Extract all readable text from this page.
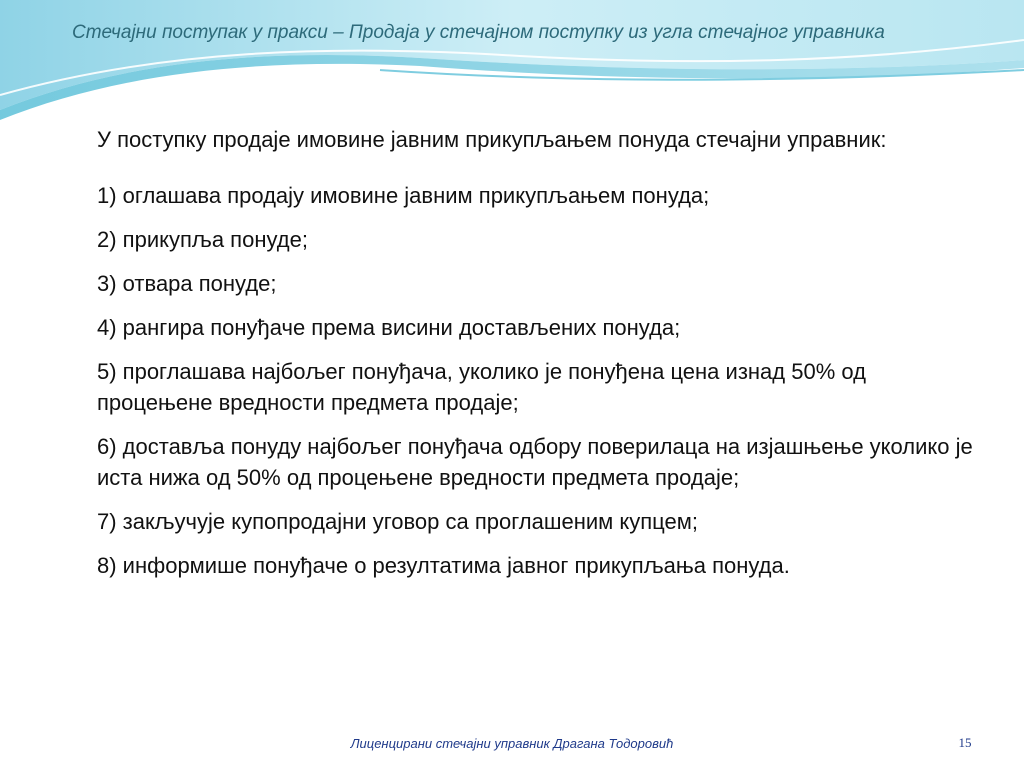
Стечајни поступак у пракси – Продаја у стечајном поступку из угла стечајног управника

У поступку продаје имовине јавним прикупљањем понуда стечајни управник:

1) оглашава продају имовине јавним прикупљањем понуда;

2) прикупља понуде;

3) отвара понуде;

4) рангира понуђаче према висини достављених понуда;

5) проглашава најбољег понуђача, уколико је понуђена цена изнад 50% од процењене вредности предмета продаје;

6) доставља понуду најбољег понуђача одбору поверилаца на изјашњење уколико је иста нижа од 50% од процењене вредности предмета продаје;

7) закључује купопродајни уговор са проглашеним купцем;

8) информише понуђаче о резултатима јавног прикупљања понуда.

Лиценцирани стечајни управник Драгана Тодоровић	15
